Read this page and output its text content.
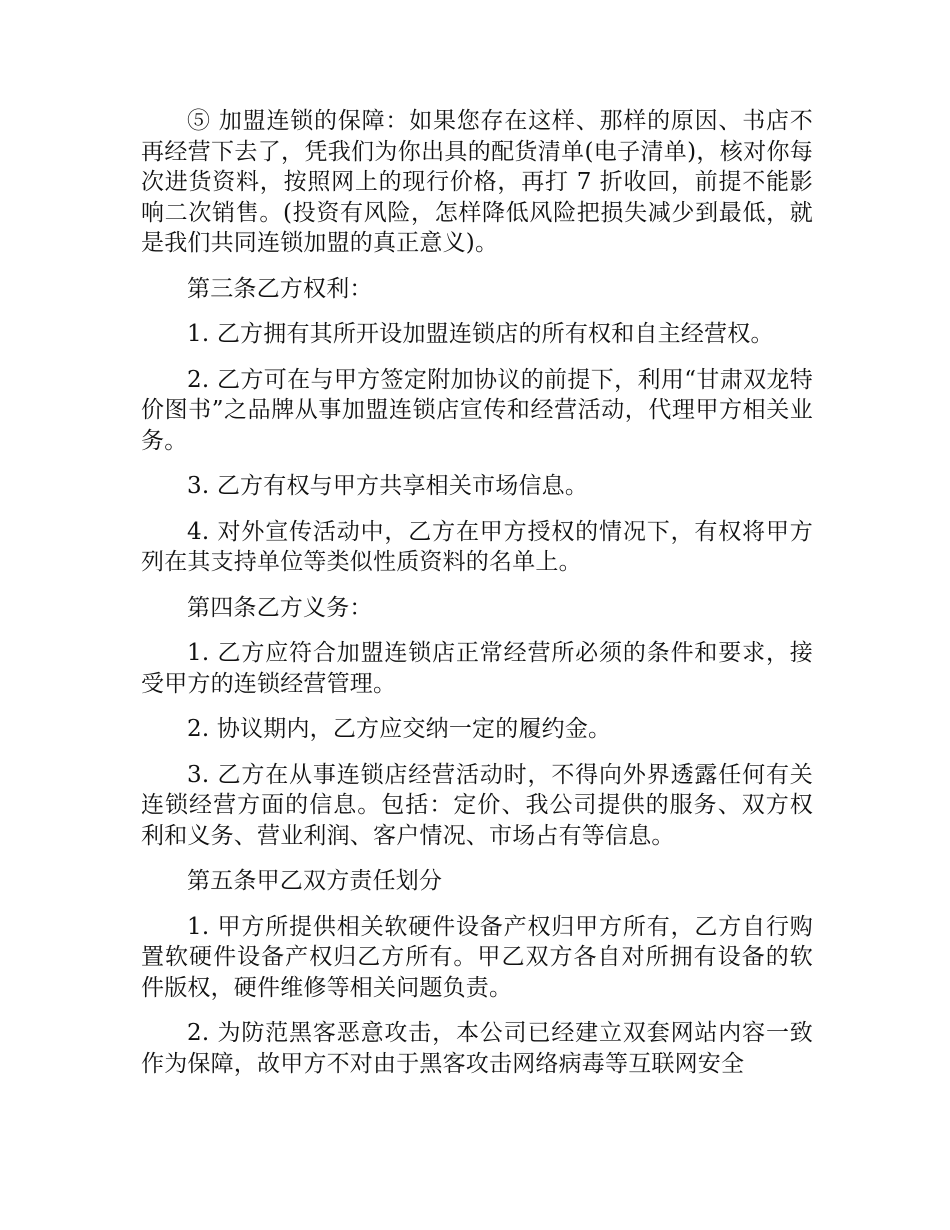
⑤ 加盟连锁的保障：如果您存在这样、那样的原因、书店不再经营下去了，凭我们为你出具的配货清单(电子清单)，核对你每次进货资料，按照网上的现行价格，再打 7 折收回，前提不能影响二次销售。(投资有风险，怎样降低风险把损失减少到最低，就是我们共同连锁加盟的真正意义)。

第三条乙方权利：

1. 乙方拥有其所开设加盟连锁店的所有权和自主经营权。

2. 乙方可在与甲方签定附加协议的前提下，利用“甘肃双龙特价图书”之品牌从事加盟连锁店宣传和经营活动，代理甲方相关业务。

3. 乙方有权与甲方共享相关市场信息。

4. 对外宣传活动中，乙方在甲方授权的情况下，有权将甲方列在其支持单位等类似性质资料的名单上。

第四条乙方义务：

1. 乙方应符合加盟连锁店正常经营所必须的条件和要求，接受甲方的连锁经营管理。

2. 协议期内，乙方应交纳一定的履约金。

3. 乙方在从事连锁店经营活动时，不得向外界透露任何有关连锁经营方面的信息。包括：定价、我公司提供的服务、双方权利和义务、营业利润、客户情况、市场占有等信息。

第五条甲乙双方责任划分

1. 甲方所提供相关软硬件设备产权归甲方所有，乙方自行购置软硬件设备产权归乙方所有。甲乙双方各自对所拥有设备的软件版权，硬件维修等相关问题负责。

2. 为防范黑客恶意攻击，本公司已经建立双套网站内容一致作为保障，故甲方不对由于黑客攻击网络病毒等互联网安全
